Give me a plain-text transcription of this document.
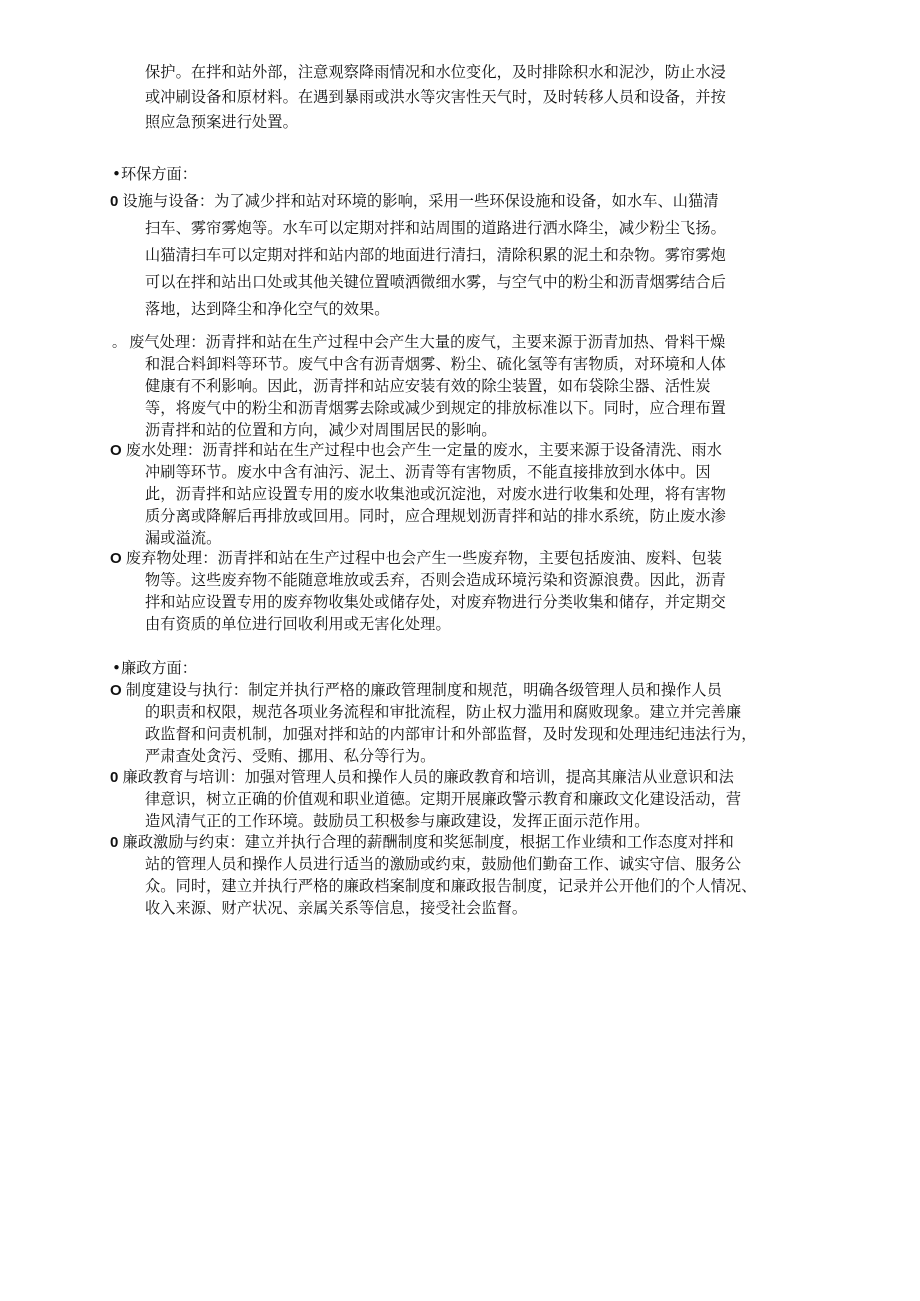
保护。在拌和站外部，注意观察降雨情况和水位变化，及时排除积水和泥沙，防止水浸
或冲刷设备和原材料。在遇到暴雨或洪水等灾害性天气时，及时转移人员和设备，并按
照应急预案进行处置。
•环保方面：
0 设施与设备：为了减少拌和站对环境的影响，采用一些环保设施和设备，如水车、山猫清
扫车、雾帘雾炮等。水车可以定期对拌和站周围的道路进行洒水降尘，减少粉尘飞扬。
山猫清扫车可以定期对拌和站内部的地面进行清扫，清除积累的泥土和杂物。雾帘雾炮
可以在拌和站出口处或其他关键位置喷洒微细水雾，与空气中的粉尘和沥青烟雾结合后
落地，达到降尘和净化空气的效果。
。 废气处理：沥青拌和站在生产过程中会产生大量的废气，主要来源于沥青加热、骨料干燥
和混合料卸料等环节。废气中含有沥青烟雾、粉尘、硫化氢等有害物质，对环境和人体
健康有不利影响。因此，沥青拌和站应安装有效的除尘装置，如布袋除尘器、活性炭
等，将废气中的粉尘和沥青烟雾去除或减少到规定的排放标准以下。同时，应合理布置
沥青拌和站的位置和方向，减少对周围居民的影响。
O 废水处理：沥青拌和站在生产过程中也会产生一定量的废水，主要来源于设备清洗、雨水
冲刷等环节。废水中含有油污、泥土、沥青等有害物质，不能直接排放到水体中。因
此，沥青拌和站应设置专用的废水收集池或沉淀池，对废水进行收集和处理，将有害物
质分离或降解后再排放或回用。同时，应合理规划沥青拌和站的排水系统，防止废水渗
漏或溢流。
O 废弃物处理：沥青拌和站在生产过程中也会产生一些废弃物，主要包括废油、废料、包装
物等。这些废弃物不能随意堆放或丢弃，否则会造成环境污染和资源浪费。因此，沥青
拌和站应设置专用的废弃物收集处或储存处，对废弃物进行分类收集和储存，并定期交
由有资质的单位进行回收利用或无害化处理。
•廉政方面：
O 制度建设与执行：制定并执行严格的廉政管理制度和规范，明确各级管理人员和操作人员
的职责和权限，规范各项业务流程和审批流程，防止权力滥用和腐败现象。建立并完善廉
政监督和问责机制，加强对拌和站的内部审计和外部监督，及时发现和处理违纪违法行为，
严肃查处贪污、受贿、挪用、私分等行为。
0 廉政教育与培训：加强对管理人员和操作人员的廉政教育和培训，提高其廉洁从业意识和法
律意识，树立正确的价值观和职业道德。定期开展廉政警示教育和廉政文化建设活动，营
造风清气正的工作环境。鼓励员工积极参与廉政建设，发挥正面示范作用。
0 廉政激励与约束：建立并执行合理的薪酬制度和奖惩制度，根据工作业绩和工作态度对拌和
站的管理人员和操作人员进行适当的激励或约束，鼓励他们勤奋工作、诚实守信、服务公
众。同时，建立并执行严格的廉政档案制度和廉政报告制度，记录并公开他们的个人情况、
收入来源、财产状况、亲属关系等信息，接受社会监督。
